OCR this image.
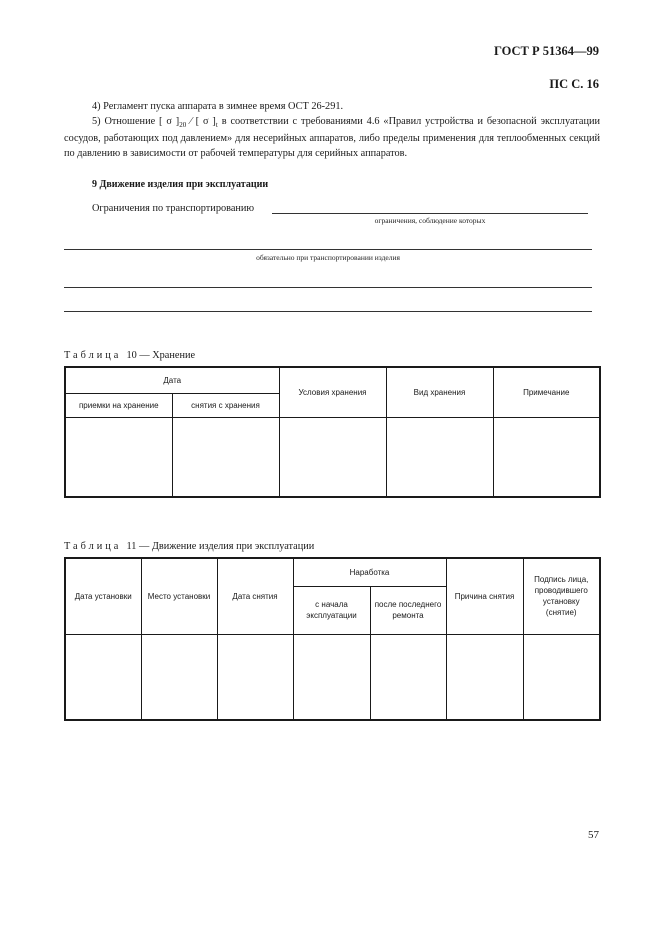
ГОСТ Р 51364—99
ПС С. 16

4) Регламент пуска аппарата в зимнее время ОСТ 26-291.

5) Отношение [ σ ]$_{20}$ ⁄ [ σ ]$_t$ в соответствии с требованиями 4.6 «Правил устройства и безопасной эксплуатации сосудов, работающих под давлением» для несерийных аппаратов, либо пределы применения для теплообменных секций по давлению в зависимости от рабочей температуры для серийных аппаратов.

9 Движение изделия при эксплуатации
Ограничения по транспортированию
ограничения, соблюдение которых
обязательно при транспортировании изделия
Таблица 10 — Хранение
Дата		Условия хранения	Вид хранения	Примечание
приемки на хранение	снятия с хранения			

Таблица 11 — Движение изделия при эксплуатации
Дата установки	Место установки	Дата снятия	Наработка		Причина снятия	Подпись лица, проводившего установку (снятие)
			с начала эксплуатации	после последнего ремонта		

57
